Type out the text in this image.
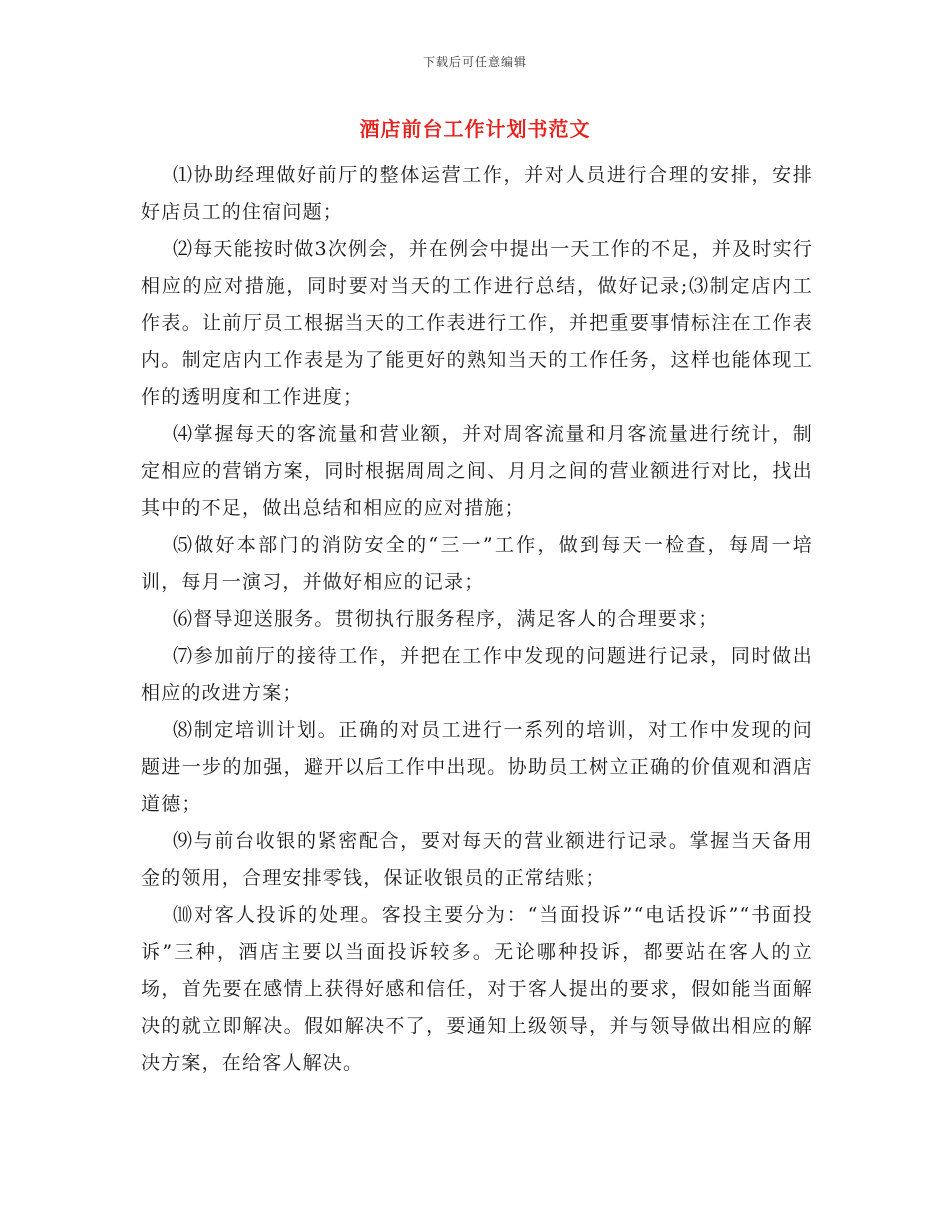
下载后可任意编辑
酒店前台工作计划书范文

⑴协助经理做好前厅的整体运营工作，并对人员进行合理的安排，安排好店员工的住宿问题；

⑵每天能按时做3次例会，并在例会中提出一天工作的不足，并及时实行相应的应对措施，同时要对当天的工作进行总结，做好记录;⑶制定店内工作表。让前厅员工根据当天的工作表进行工作，并把重要事情标注在工作表内。制定店内工作表是为了能更好的熟知当天的工作任务，这样也能体现工作的透明度和工作进度；

⑷掌握每天的客流量和营业额，并对周客流量和月客流量进行统计，制定相应的营销方案，同时根据周周之间、月月之间的营业额进行对比，找出其中的不足，做出总结和相应的应对措施；

⑸做好本部门的消防安全的“三一”工作，做到每天一检查，每周一培训，每月一演习，并做好相应的记录；

⑹督导迎送服务。贯彻执行服务程序，满足客人的合理要求；

⑺参加前厅的接待工作，并把在工作中发现的问题进行记录，同时做出相应的改进方案；

⑻制定培训计划。正确的对员工进行一系列的培训，对工作中发现的问题进一步的加强，避开以后工作中出现。协助员工树立正确的价值观和酒店道德；

⑼与前台收银的紧密配合，要对每天的营业额进行记录。掌握当天备用金的领用，合理安排零钱，保证收银员的正常结账；

⑽对客人投诉的处理。客投主要分为：“当面投诉”“电话投诉”“书面投诉”三种，酒店主要以当面投诉较多。无论哪种投诉，都要站在客人的立场，首先要在感情上获得好感和信任，对于客人提出的要求，假如能当面解决的就立即解决。假如解决不了，要通知上级领导，并与领导做出相应的解决方案，在给客人解决。
